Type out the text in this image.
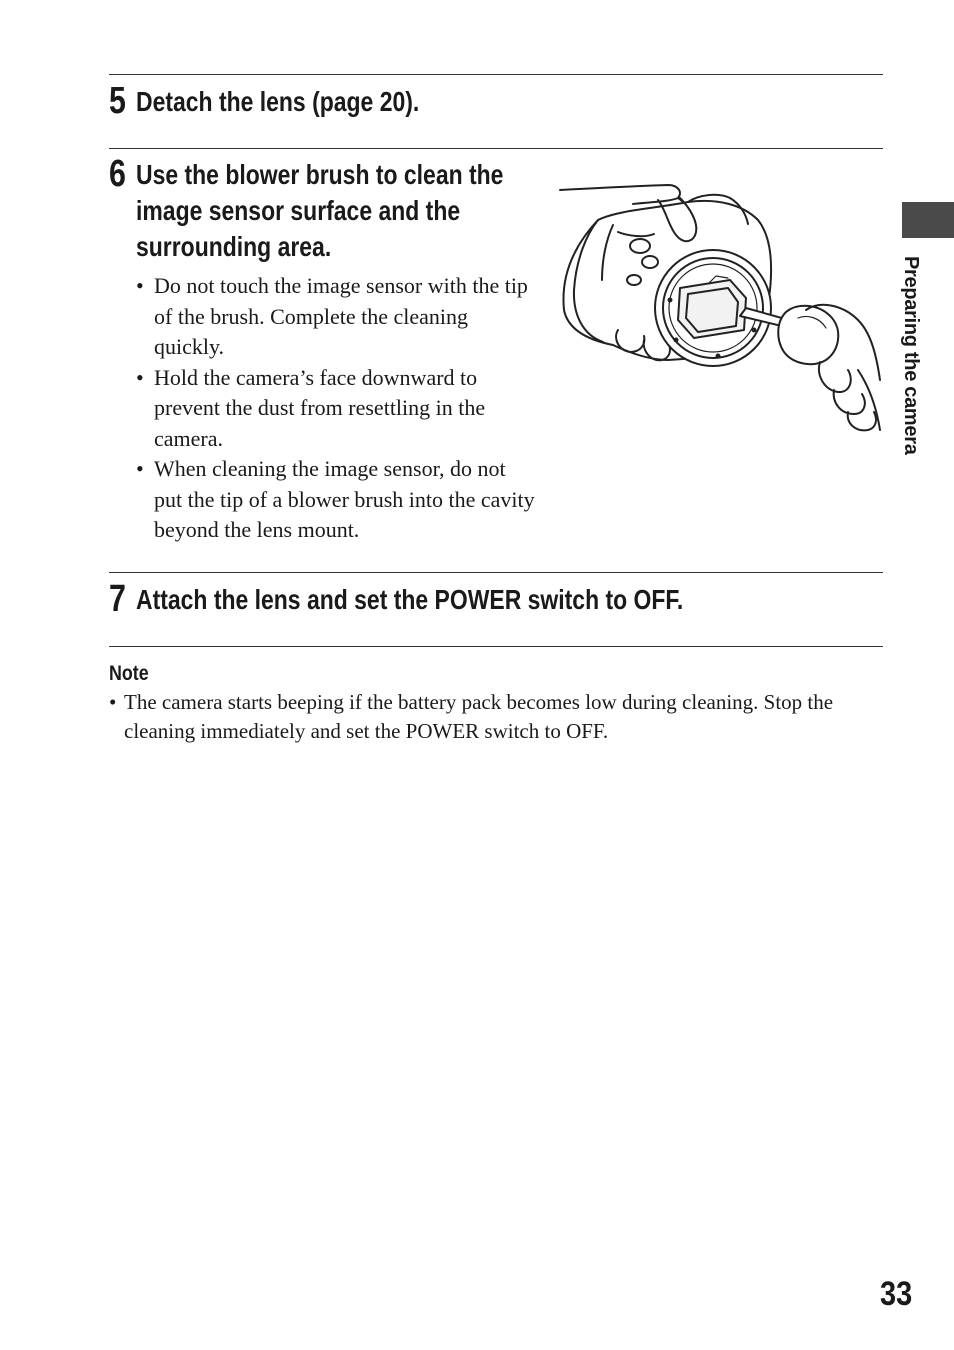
5 Detach the lens (page 20).
6 Use the blower brush to clean the
image sensor surface and the
surrounding area.
• Do not touch the image sensor with the tip of the brush. Complete the cleaning quickly.
• Hold the camera’s face downward to prevent the dust from resettling in the camera.
• When cleaning the image sensor, do not put the tip of a blower brush into the cavity beyond the lens mount.
7 Attach the lens and set the POWER switch to OFF.
Note
• The camera starts beeping if the battery pack becomes low during cleaning. Stop the cleaning immediately and set the POWER switch to OFF.
Preparing the camera
33
